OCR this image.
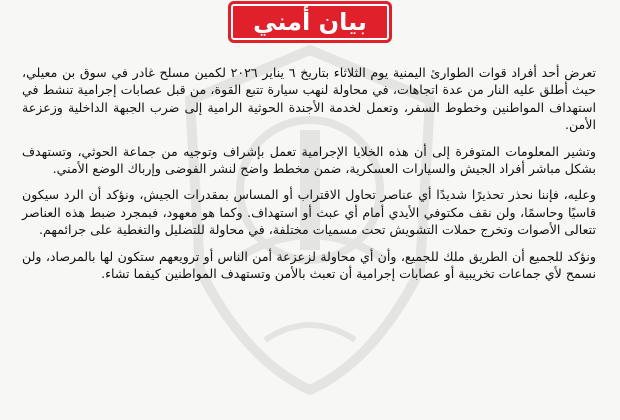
بيان أمني

تعرض أحد أفراد قوات الطوارئ اليمنية يوم الثلاثاء بتاريخ ٦ يناير ٢٠٢٦ لكمين مسلح غادر في سوق بن معيلي، حيث أطلق عليه النار من عدة اتجاهات، في محاولة لنهب سيارة تتبع القوة، من قبل عصابات إجرامية تنشط في استهداف المواطنين وخطوط السفر، وتعمل لخدمة الأجندة الحوثية الرامية إلى ضرب الجبهة الداخلية وزعزعة الأمن.

وتشير المعلومات المتوفرة إلى أن هذه الخلايا الإجرامية تعمل بإشراف وتوجيه من جماعة الحوثي، وتستهدف بشكل مباشر أفراد الجيش والسيارات العسكرية، ضمن مخطط واضح لنشر الفوضى وإرباك الوضع الأمني.

وعليه، فإننا نحذر تحذيرًا شديدًا أي عناصر تحاول الاقتراب أو المساس بمقدرات الجيش، ونؤكد أن الرد سيكون قاسيًا وحاسمًا، ولن نقف مكتوفي الأيدي أمام أي عبث أو استهداف. وكما هو معهود، فبمجرد ضبط هذه العناصر تتعالى الأصوات وتخرج حملات التشويش تحت مسميات مختلفة، في محاولة للتضليل والتغطية على جرائمهم.

ونؤكد للجميع أن الطريق ملك للجميع، وأن أي محاولة لزعزعة أمن الناس أو ترويعهم ستكون لها بالمرصاد، ولن نسمح لأي جماعات تخريبية أو عصابات إجرامية أن تعبث بالأمن وتستهدف المواطنين كيفما تشاء.
